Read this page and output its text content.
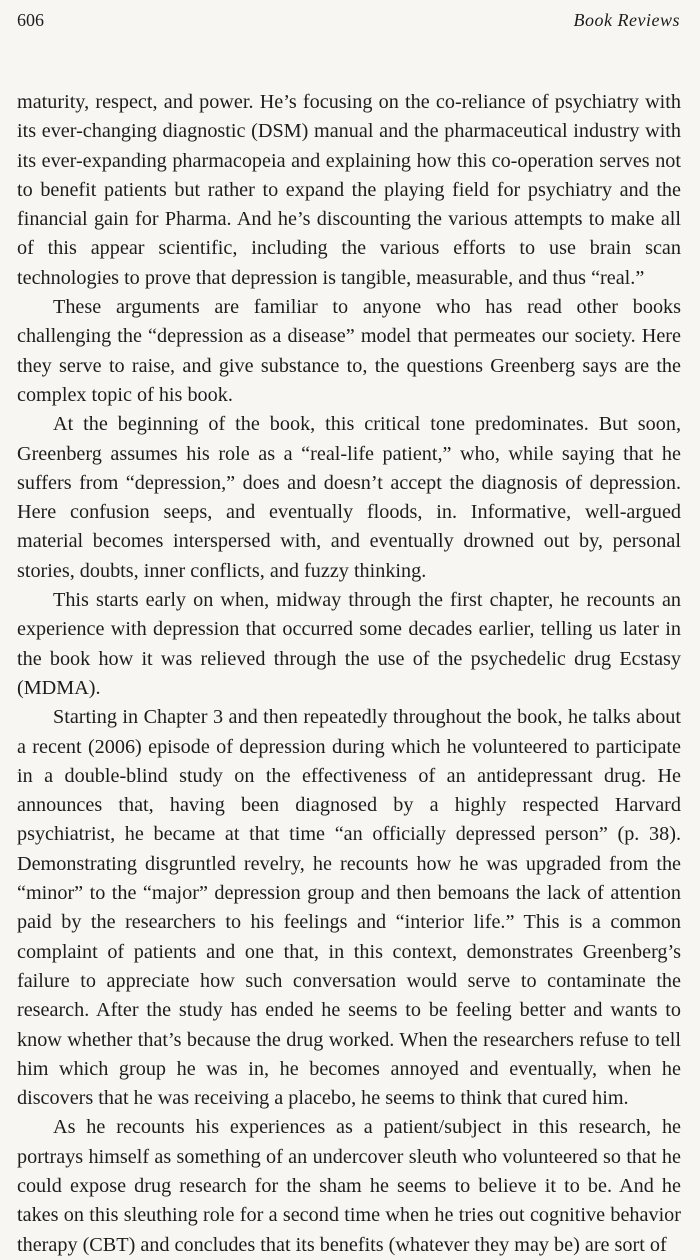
606	Book Reviews

maturity, respect, and power. He’s focusing on the co-reliance of psychiatry with its ever-changing diagnostic (DSM) manual and the pharmaceutical industry with its ever-expanding pharmacopeia and explaining how this co-operation serves not to benefit patients but rather to expand the playing field for psychiatry and the financial gain for Pharma. And he’s discounting the various attempts to make all of this appear scientific, including the various efforts to use brain scan technologies to prove that depression is tangible, measurable, and thus “real.”

These arguments are familiar to anyone who has read other books challenging the “depression as a disease” model that permeates our society. Here they serve to raise, and give substance to, the questions Greenberg says are the complex topic of his book.

At the beginning of the book, this critical tone predominates. But soon, Greenberg assumes his role as a “real-life patient,” who, while saying that he suffers from “depression,” does and doesn’t accept the diagnosis of depression. Here confusion seeps, and eventually floods, in. Informative, well-argued material becomes interspersed with, and eventually drowned out by, personal stories, doubts, inner conflicts, and fuzzy thinking.

This starts early on when, midway through the first chapter, he recounts an experience with depression that occurred some decades earlier, telling us later in the book how it was relieved through the use of the psychedelic drug Ecstasy (MDMA).

Starting in Chapter 3 and then repeatedly throughout the book, he talks about a recent (2006) episode of depression during which he volunteered to participate in a double-blind study on the effectiveness of an antidepressant drug. He announces that, having been diagnosed by a highly respected Harvard psychiatrist, he became at that time “an officially depressed person” (p. 38). Demonstrating disgruntled revelry, he recounts how he was upgraded from the “minor” to the “major” depression group and then bemoans the lack of attention paid by the researchers to his feelings and “interior life.” This is a common complaint of patients and one that, in this context, demonstrates Greenberg’s failure to appreciate how such conversation would serve to contaminate the research. After the study has ended he seems to be feeling better and wants to know whether that’s because the drug worked. When the researchers refuse to tell him which group he was in, he becomes annoyed and eventually, when he discovers that he was receiving a placebo, he seems to think that cured him.

As he recounts his experiences as a patient/subject in this research, he portrays himself as something of an undercover sleuth who volunteered so that he could expose drug research for the sham he seems to believe it to be. And he takes on this sleuthing role for a second time when he tries out cognitive behavior therapy (CBT) and concludes that its benefits (whatever they may be) are sort of
